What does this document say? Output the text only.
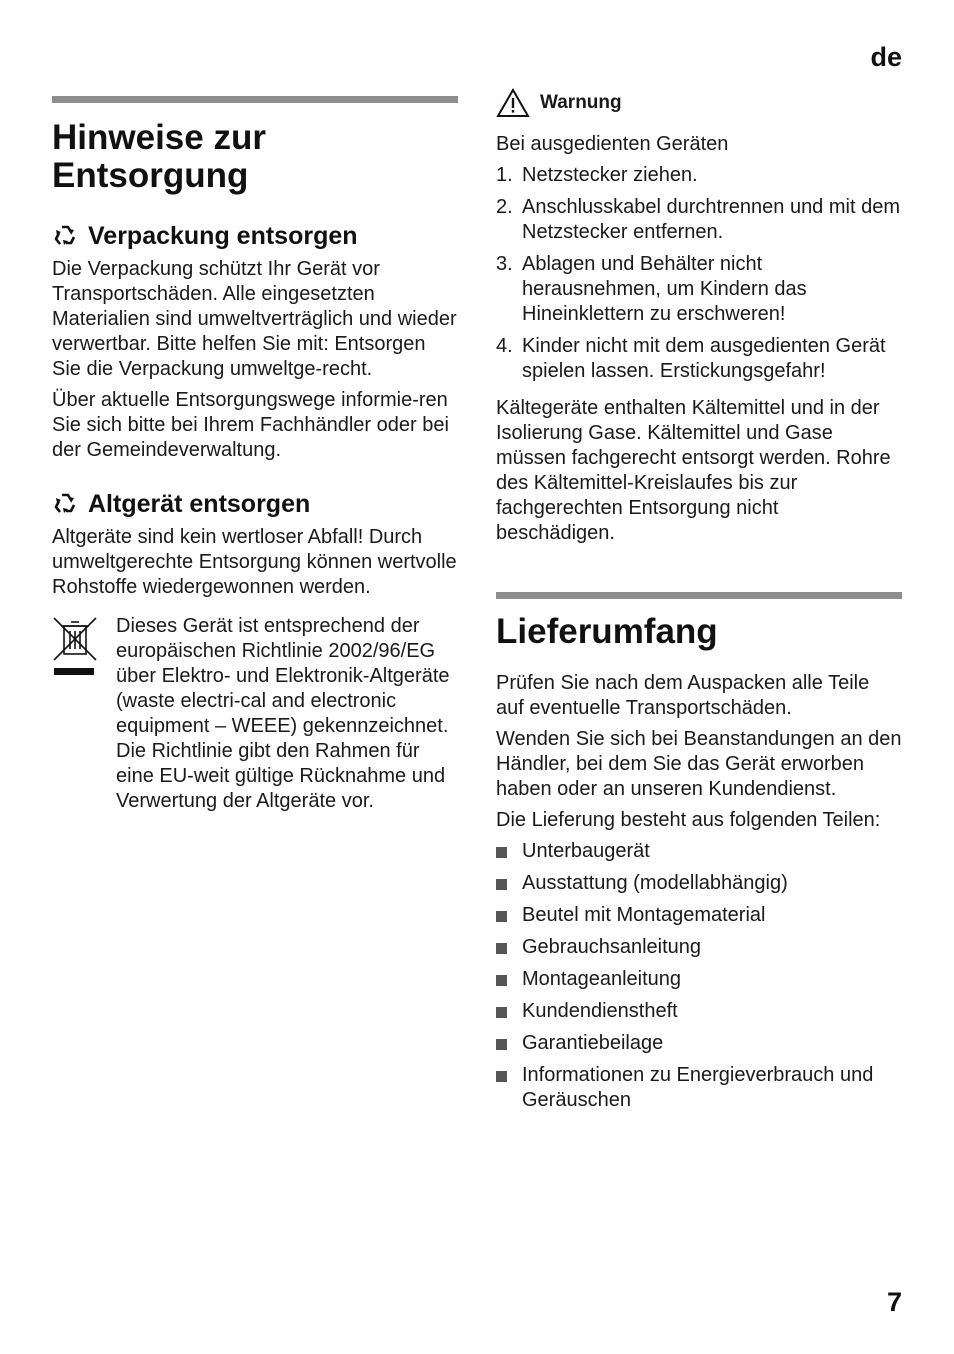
de
Hinweise zur Entsorgung
Verpackung entsorgen

Die Verpackung schützt Ihr Gerät vor Transportschäden. Alle eingesetzten Materialien sind umweltverträglich und wieder verwertbar. Bitte helfen Sie mit: Entsorgen Sie die Verpackung umweltge-recht.

Über aktuelle Entsorgungswege informie-ren Sie sich bitte bei Ihrem Fachhändler oder bei der Gemeindeverwaltung.

Altgerät entsorgen

Altgeräte sind kein wertloser Abfall! Durch umweltgerechte Entsorgung können wertvolle Rohstoffe wiedergewonnen werden.

Dieses Gerät ist entsprechend der europäischen Richtlinie 2002/96/EG über Elektro- und Elektronik-Altgeräte (waste electri-cal and electronic equipment – WEEE) gekennzeichnet. Die Richtlinie gibt den Rahmen für eine EU-weit gültige Rücknahme und Verwertung der Altgeräte vor.

Warnung

Bei ausgedienten Geräten

1. Netzstecker ziehen.
2. Anschlusskabel durchtrennen und mit dem Netzstecker entfernen.
3. Ablagen und Behälter nicht herausnehmen, um Kindern das Hineinklettern zu erschweren!
4. Kinder nicht mit dem ausgedienten Gerät spielen lassen. Erstickungsgefahr!

Kältegeräte enthalten Kältemittel und in der Isolierung Gase. Kältemittel und Gase müssen fachgerecht entsorgt werden. Rohre des Kältemittel-Kreislaufes bis zur fachgerechten Entsorgung nicht beschädigen.

Lieferumfang

Prüfen Sie nach dem Auspacken alle Teile auf eventuelle Transportschäden.

Wenden Sie sich bei Beanstandungen an den Händler, bei dem Sie das Gerät erworben haben oder an unseren Kundendienst.

Die Lieferung besteht aus folgenden Teilen:

Unterbaugerät
Ausstattung (modellabhängig)
Beutel mit Montagematerial
Gebrauchsanleitung
Montageanleitung
Kundendienstheft
Garantiebeilage
Informationen zu Energieverbrauch und Geräuschen
7
